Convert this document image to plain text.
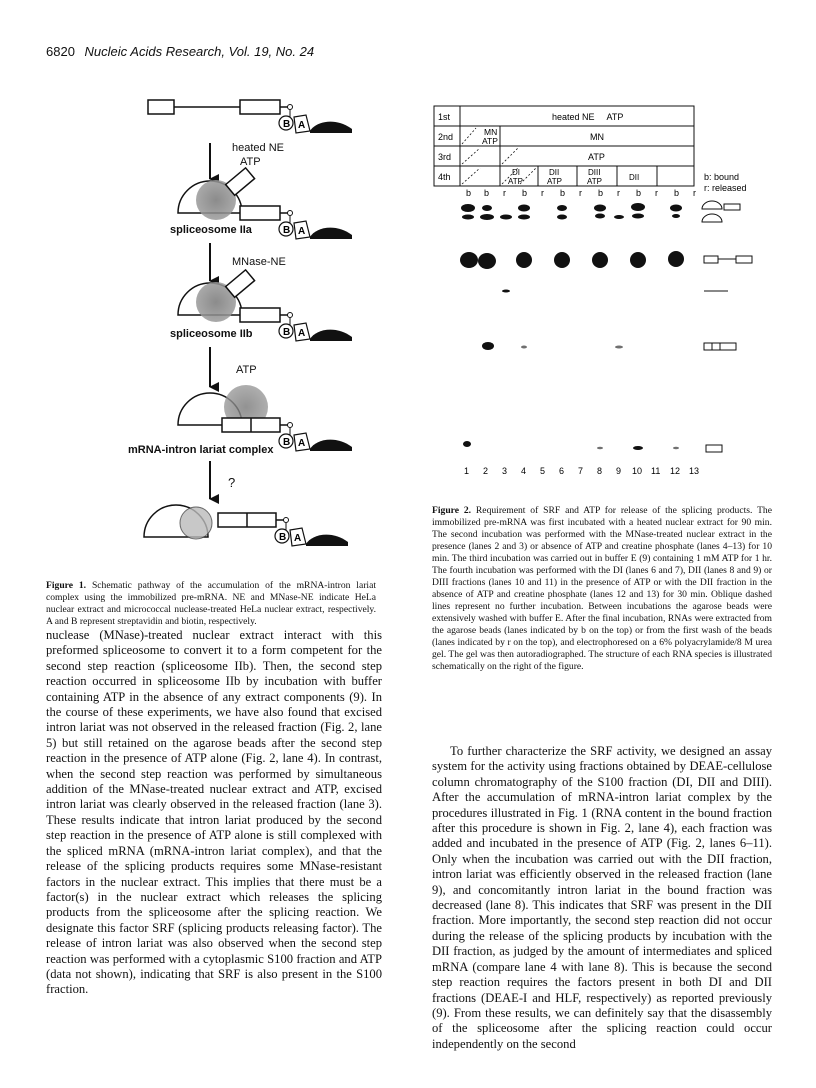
6820 Nucleic Acids Research, Vol. 19, No. 24
B A
heated NE
ATP
B A
spliceosome IIa
MNase-NE
B A
spliceosome IIb
ATP
B A
mRNA-intron lariat complex
?
B A
Figure 1. Schematic pathway of the accumulation of the mRNA-intron lariat complex using the immobilized pre-mRNA. NE and MNase-NE indicate HeLa nuclear extract and micrococcal nuclease-treated HeLa nuclear extract, respectively. A and B represent streptavidin and biotin, respectively.
1st
2nd
3rd
4th
heated NE     ATP
MN
ATP	MN
ATP
DI
ATP
DII
ATP
DIII
ATP	DII
b b r b r b r b r b r b r
b: bound
r: released
1 2 3 4 5 6 7 8 9 10 11 12 13
Figure 2. Requirement of SRF and ATP for release of the splicing products. The immobilized pre-mRNA was first incubated with a heated nuclear extract for 90 min. The second incubation was performed with the MNase-treated nuclear extract in the presence (lanes 2 and 3) or absence of ATP and creatine phosphate (lanes 4–13) for 10 min. The third incubation was carried out in buffer E (9) containing 1 mM ATP for 1 hr. The fourth incubation was performed with the DI (lanes 6 and 7), DII (lanes 8 and 9) or DIII fractions (lanes 10 and 11) in the presence of ATP or with the DII fraction in the absence of ATP and creatine phosphate (lanes 12 and 13) for 30 min. Oblique dashed lines represent no further incubation. Between incubations the agarose beads were extensively washed with buffer E. After the final incubation, RNAs were extracted from the agarose beads (lanes indicated by b on the top) or from the first wash of the beads (lanes indicated by r on the top), and electrophoresed on a 6% polyacrylamide/8 M urea gel. The gel was then autoradiographed. The structure of each RNA species is illustrated schematically on the right of the figure.

nuclease (MNase)-treated nuclear extract interact with this preformed spliceosome to convert it to a form competent for the second step reaction (spliceosome IIb). Then, the second step reaction occurred in spliceosome IIb by incubation with buffer containing ATP in the absence of any extract components (9). In the course of these experiments, we have also found that excised intron lariat was not observed in the released fraction (Fig. 2, lane 5) but still retained on the agarose beads after the second step reaction in the presence of ATP alone (Fig. 2, lane 4). In contrast, when the second step reaction was performed by simultaneous addition of the MNase-treated nuclear extract and ATP, excised intron lariat was clearly observed in the released fraction (lane 3). These results indicate that intron lariat produced by the second step reaction in the presence of ATP alone is still complexed with the spliced mRNA (mRNA-intron lariat complex), and that the release of the splicing products requires some MNase-resistant factors in the nuclear extract. This implies that there must be a factor(s) in the nuclear extract which releases the splicing products from the spliceosome after the splicing reaction. We designate this factor SRF (splicing products releasing factor). The release of intron lariat was also observed when the second step reaction was performed with a cytoplasmic S100 fraction and ATP (data not shown), indicating that SRF is also present in the S100 fraction.

To further characterize the SRF activity, we designed an assay system for the activity using fractions obtained by DEAE-cellulose column chromatography of the S100 fraction (DI, DII and DIII). After the accumulation of mRNA-intron lariat complex by the procedures illustrated in Fig. 1 (RNA content in the bound fraction after this procedure is shown in Fig. 2, lane 4), each fraction was added and incubated in the presence of ATP (Fig. 2, lanes 6–11). Only when the incubation was carried out with the DII fraction, intron lariat was efficiently observed in the released fraction (lane 9), and concomitantly intron lariat in the bound fraction was decreased (lane 8). This indicates that SRF was present in the DII fraction. More importantly, the second step reaction did not occur during the release of the splicing products by incubation with the DII fraction, as judged by the amount of intermediates and spliced mRNA (compare lane 4 with lane 8). This is because the second step reaction requires the factors present in both DI and DII fractions (DEAE-I and HLF, respectively) as reported previously (9). From these results, we can definitely say that the disassembly of the spliceosome after the splicing reaction could occur independently on the second
